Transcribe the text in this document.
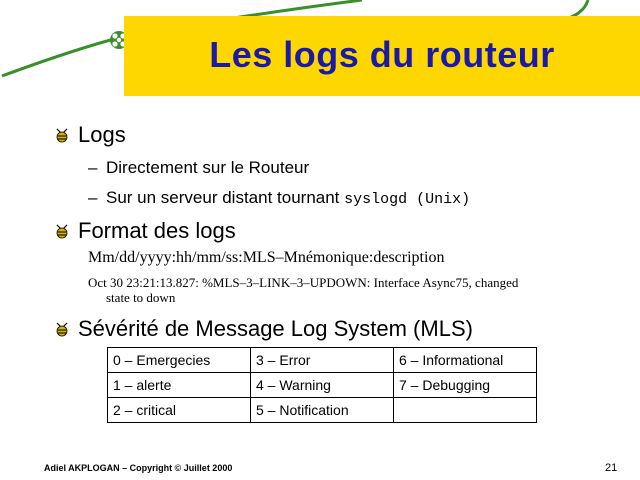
Les logs du routeur
Logs
– Directement sur le Routeur
– Sur un serveur distant tournant syslogd (Unix)
Format des logs
Mm/dd/yyyy:hh/mm/ss:MLS–Mnémonique:description
Oct 30 23:21:13.827: %MLS–3–LINK–3–UPDOWN: Interface Async75, changed
state to down
Sévérité de Message Log System (MLS)
0 – Emergecies	3 – Error	6 – Informational
1 – alerte	4 – Warning	7 – Debugging
2 – critical	5 – Notification	
Adiel AKPLOGAN – Copyright © Juillet 2000	21
